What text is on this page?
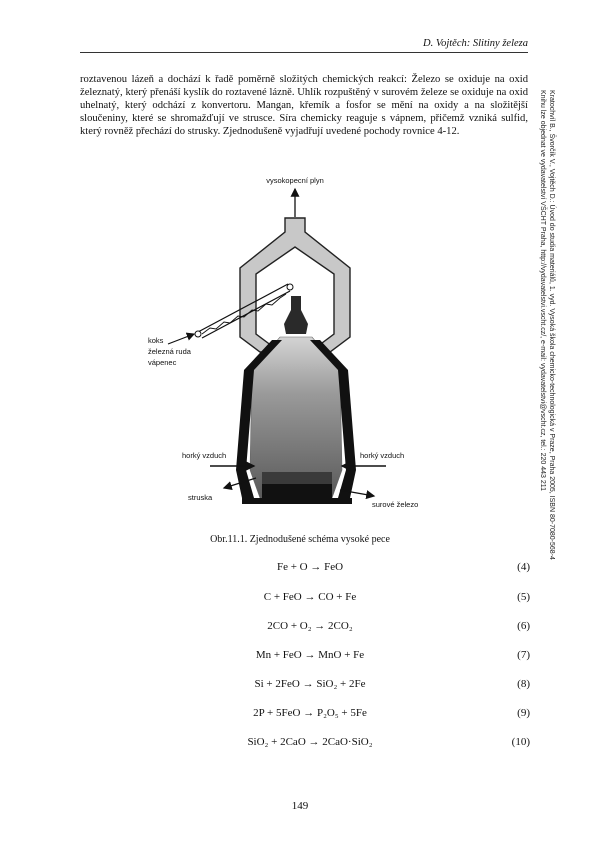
D. Vojtěch: Slitiny železa

roztavenou lázeň a dochází k řadě poměrně složitých chemických reakcí: Železo se oxiduje na oxid železnatý, který přenáší kyslík do roztavené lázně. Uhlík rozpuštěný v surovém železe se oxiduje na oxid uhelnatý, který odchází z konvertoru. Mangan, křemík a fosfor se mění na oxidy a na složitější sloučeniny, které se shromažďují ve strusce. Síra chemicky reaguje s vápnem, přičemž vzniká sulfid, který rovněž přechází do strusky. Zjednodušeně vyjadřují uvedené pochody rovnice 4-12.	Kratochvíl B., Švorčík V., Vojtěch D.: Úvod do studia materiálů, 1. vyd. Vysoká škola chemicko-technologická v Praze, Praha 2005, ISBN 80-7080-568-4
Knihu lze objednat ve vydavatelství VŠCHT Praha, http://vydavatelstvi.vscht.cz/, e-mail: vydavatelstvi@vscht.cz, tel.: 220 443 211
vysokopecní plyn
koks
železná ruda
vápenec
horký vzduch	horký vzduch
struska
surové železo
Obr.11.1. Zjednodušené schéma vysoké pece
Fe + O → FeO	(4)
C + FeO → CO + Fe	(5)
2CO + O₂ → 2CO₂	(6)
Mn + FeO → MnO + Fe	(7)
Si + 2FeO → SiO₂ + 2Fe	(8)
2P + 5FeO → P₂O₅ + 5Fe	(9)
SiO₂ + 2CaO → 2CaO·SiO₂	(10)
149
